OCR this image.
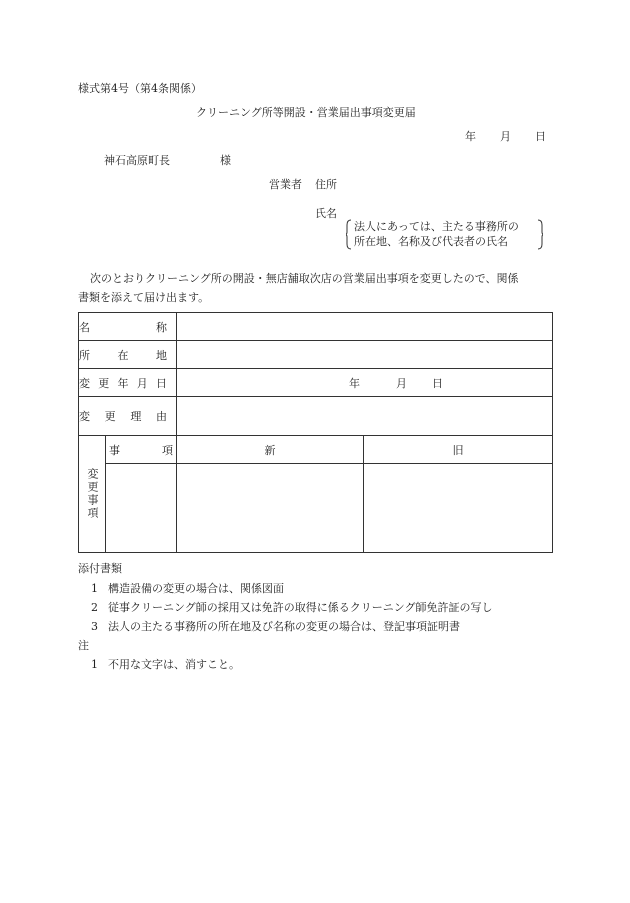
様式第4号（第4条関係）
クリーニング所等開設・営業届出事項変更届
年 月 日
神石高原町長	様
営業者 住所
氏名
法人にあっては、主たる事務所の
所在地、名称及び代表者の氏名
次のとおりクリーニング所の開設・無店舗取次店の営業届出事項を変更したので、関係
書類を添えて届け出ます。
名 称			

所 在 地			

変 更 年 月 日		年 月 日	

変 更 理 由			

変更事項	事 項	新	旧

添付書類
1 構造設備の変更の場合は、関係図面
2 従事クリーニング師の採用又は免許の取得に係るクリーニング師免許証の写し
3 法人の主たる事務所の所在地及び名称の変更の場合は、登記事項証明書
注
1 不用な文字は、消すこと。
